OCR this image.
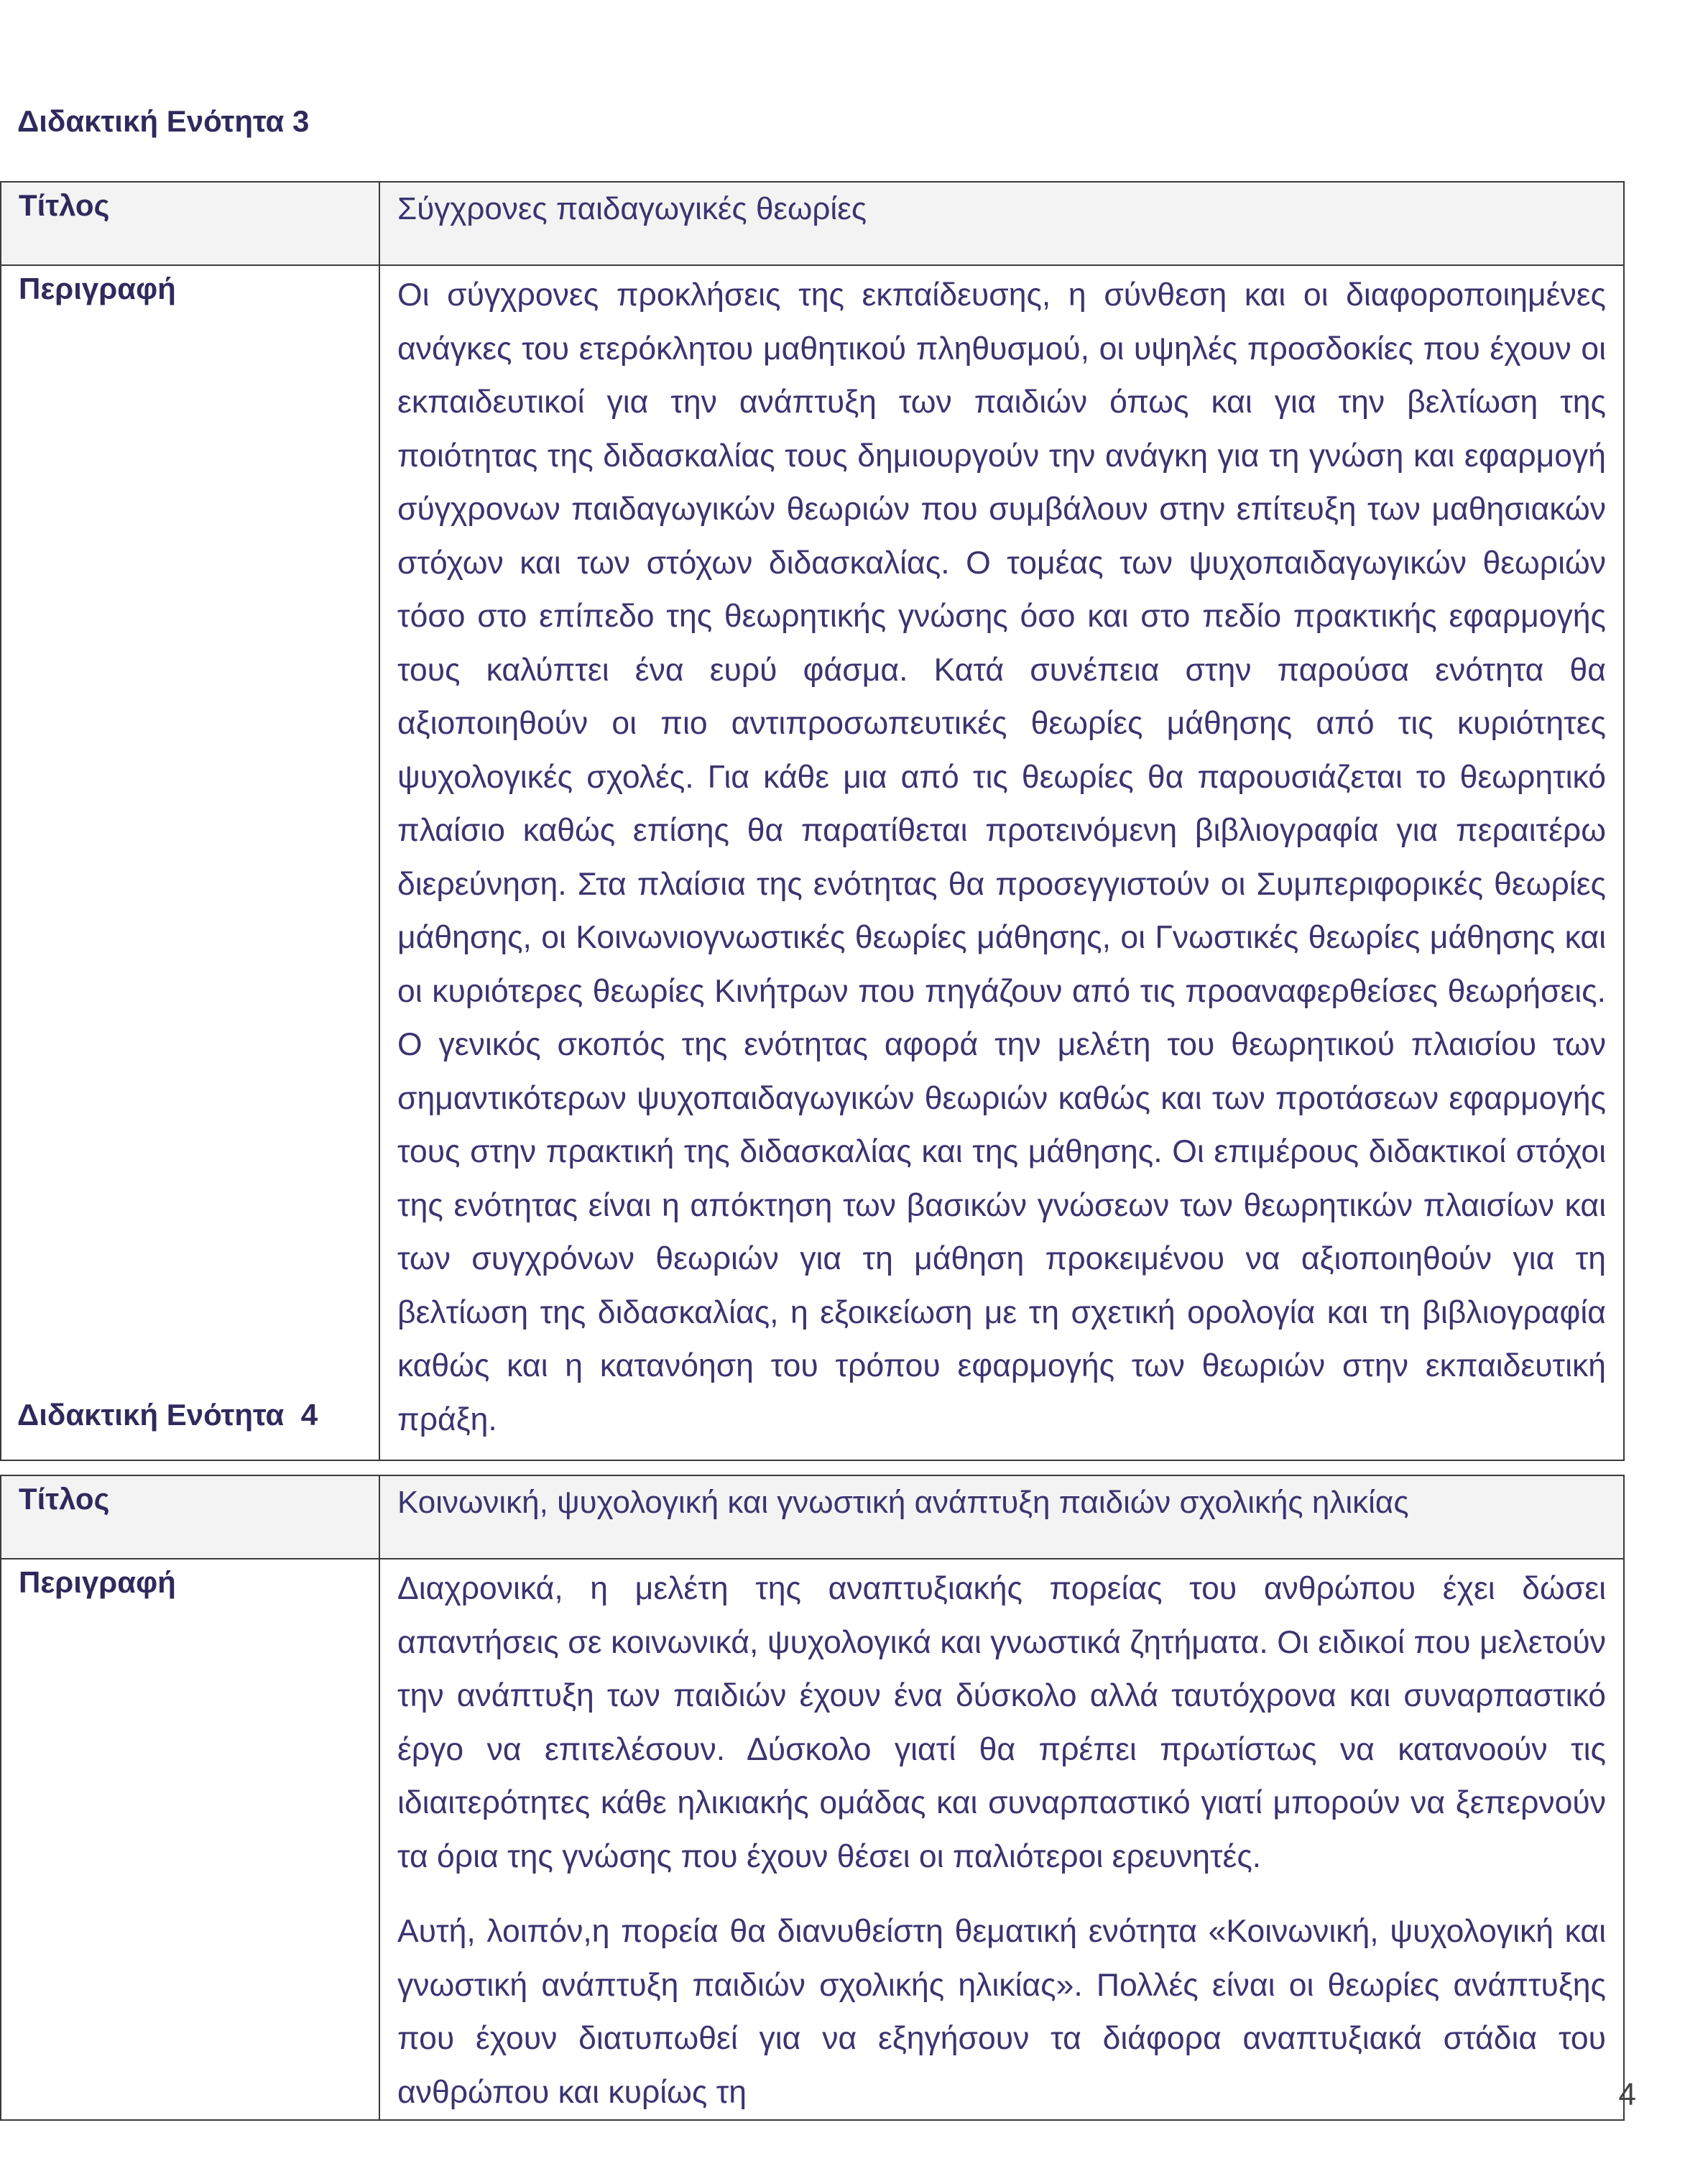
Διδακτική Ενότητα 3
Τίτλος	Σύγχρονες παιδαγωγικές θεωρίες
Περιγραφή	Οι σύγχρονες προκλήσεις της εκπαίδευσης, η σύνθεση και οι διαφοροποιημένες ανάγκες του ετερόκλητου μαθητικού πληθυσμού, οι υψηλές προσδοκίες που έχουν οι εκπαιδευτικοί για την ανάπτυξη των παιδιών όπως και για την βελτίωση της ποιότητας της διδασκαλίας τους δημιουργούν την ανάγκη για τη γνώση και εφαρμογή σύγχρονων παιδαγωγικών θεωριών που συμβάλουν στην επίτευξη των μαθησιακών στόχων και των στόχων διδασκαλίας. Ο τομέας των ψυχοπαιδαγωγικών θεωριών τόσο στο επίπεδο της θεωρητικής γνώσης όσο και στο πεδίο πρακτικής εφαρμογής τους καλύπτει ένα ευρύ φάσμα. Κατά συνέπεια στην παρούσα ενότητα θα αξιοποιηθούν οι πιο αντιπροσωπευτικές θεωρίες μάθησης από τις κυριότητες ψυχολογικές σχολές. Για κάθε μια από τις θεωρίες θα παρουσιάζεται το θεωρητικό πλαίσιο καθώς επίσης θα παρατίθεται προτεινόμενη βιβλιογραφία για περαιτέρω διερεύνηση. Στα πλαίσια της ενότητας θα προσεγγιστούν οι Συμπεριφορικές θεωρίες μάθησης, οι Κοινωνιογνωστικές θεωρίες μάθησης, οι Γνωστικές θεωρίες μάθησης και οι κυριότερες θεωρίες Κινήτρων που πηγάζουν από τις προαναφερθείσες θεωρήσεις. Ο γενικός σκοπός της ενότητας αφορά την μελέτη του θεωρητικού πλαισίου των σημαντικότερων ψυχοπαιδαγωγικών θεωριών καθώς και των προτάσεων εφαρμογής τους στην πρακτική της διδασκαλίας και της μάθησης. Οι επιμέρους διδακτικοί στόχοι της ενότητας είναι η απόκτηση των βασικών γνώσεων των θεωρητικών πλαισίων και των συγχρόνων θεωριών για τη μάθηση προκειμένου να αξιοποιηθούν για τη βελτίωση της διδασκαλίας, η εξοικείωση με τη σχετική ορολογία και τη βιβλιογραφία καθώς και η κατανόηση του τρόπου εφαρμογής των θεωριών στην εκπαιδευτική πράξη.

Διδακτική Ενότητα  4
Τίτλος	Κοινωνική, ψυχολογική και γνωστική ανάπτυξη παιδιών σχολικής ηλικίας
Περιγραφή	Διαχρονικά, η μελέτη της αναπτυξιακής πορείας του ανθρώπου έχει δώσει απαντήσεις σε κοινωνικά, ψυχολογικά και γνωστικά ζητήματα. Οι ειδικοί που μελετούν την ανάπτυξη των παιδιών έχουν ένα δύσκολο αλλά ταυτόχρονα και συναρπαστικό έργο να επιτελέσουν. Δύσκολο γιατί θα πρέπει πρωτίστως να κατανοούν τις ιδιαιτερότητες κάθε ηλικιακής ομάδας και συναρπαστικό γιατί μπορούν να ξεπερνούν τα όρια της γνώσης που έχουν θέσει οι παλιότεροι ερευνητές.

Αυτή, λοιπόν,η πορεία θα διανυθείστη θεματική ενότητα «Κοινωνική, ψυχολογική και γνωστική ανάπτυξη παιδιών σχολικής ηλικίας». Πολλές είναι οι θεωρίες ανάπτυξης που έχουν διατυπωθεί για να εξηγήσουν τα διάφορα αναπτυξιακά στάδια του ανθρώπου και κυρίως τη	4
